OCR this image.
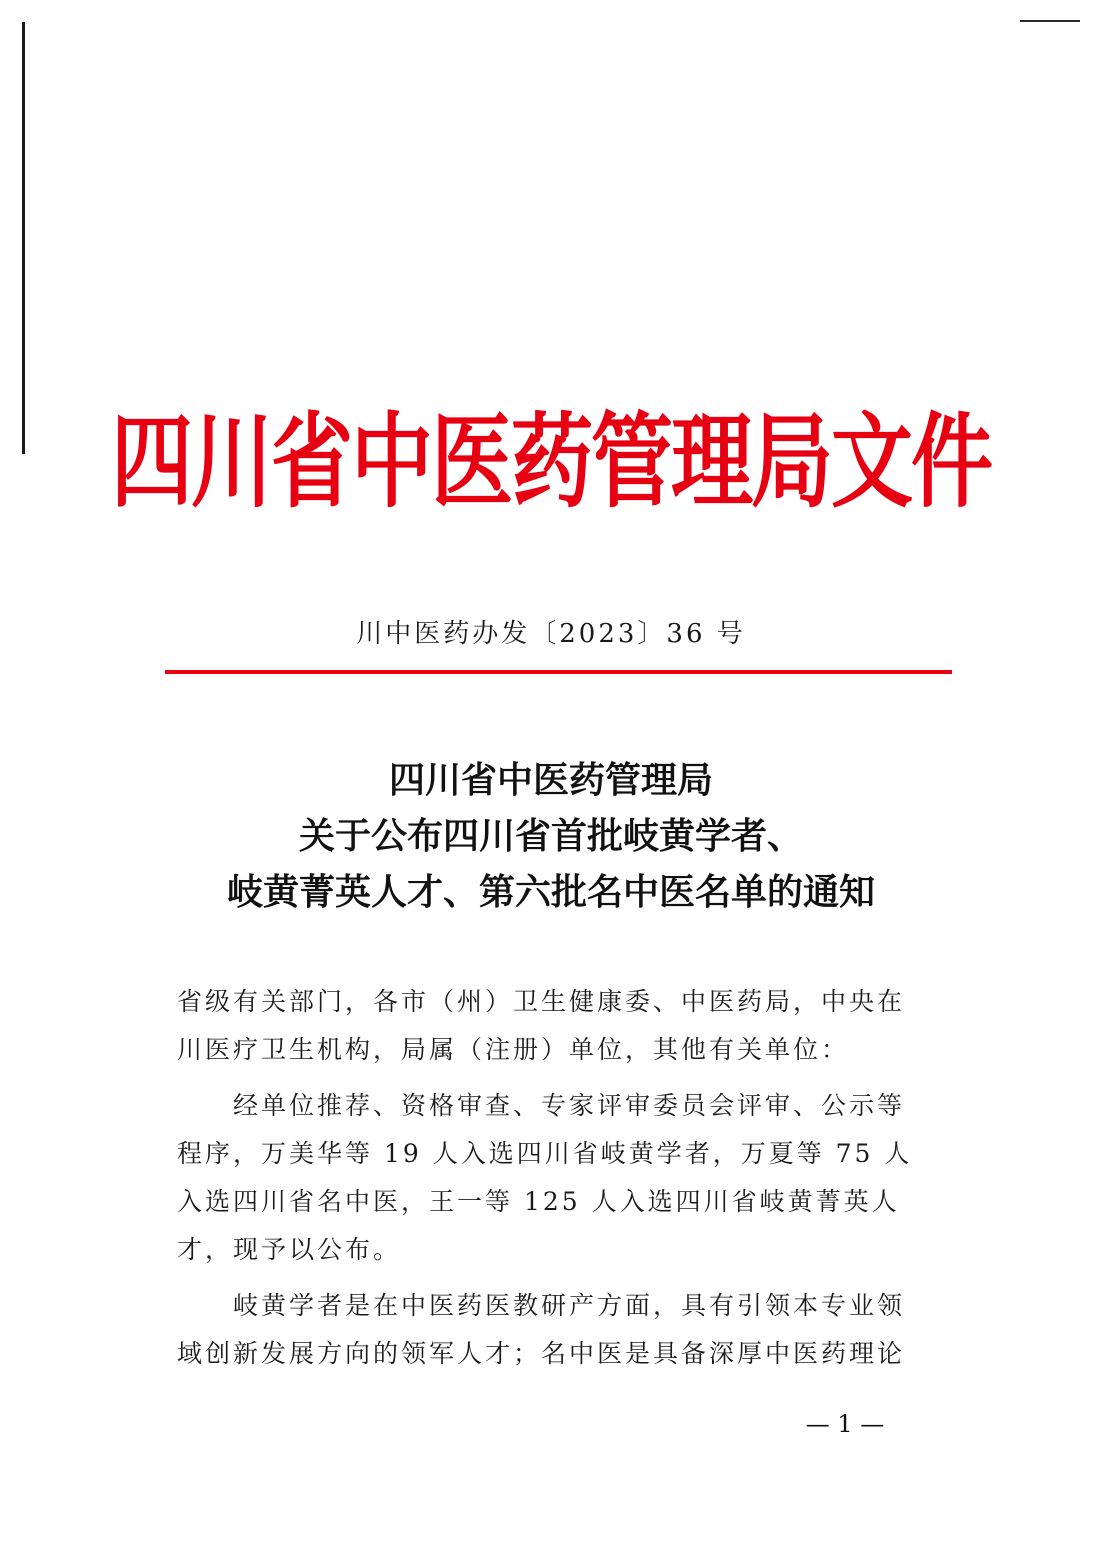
四川省中医药管理局文件
川中医药办发〔2023〕36 号
四川省中医药管理局
关于公布四川省首批岐黄学者、
岐黄菁英人才、第六批名中医名单的通知

省级有关部门，各市（州）卫生健康委、中医药局，中央在川医疗卫生机构，局属（注册）单位，其他有关单位：

经单位推荐、资格审查、专家评审委员会评审、公示等程序，万美华等 19 人入选四川省岐黄学者，万夏等 75 人入选四川省名中医，王一等 125 人入选四川省岐黄菁英人才，现予以公布。

岐黄学者是在中医药医教研产方面，具有引领本专业领域创新发展方向的领军人才；名中医是具备深厚中医药理论

— 1 —
